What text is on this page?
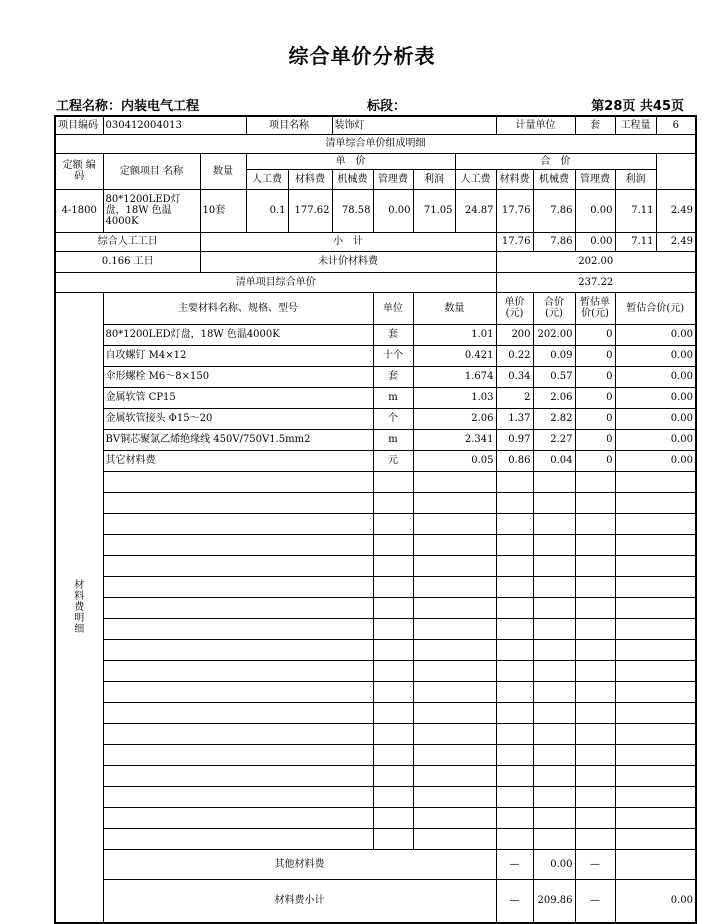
综合单价分析表
工程名称：内装电气工程	标段：	第28页 共45页
项目编码	030412004013		项目名称		装饰灯				计量单位		套	工程量	6
清单综合单价组成明细													
定额 编码	定额项目 名称	数量	单　价					合　价					
			人工费	材料费	机械费	管理费	利润	人工费	材料费	机械费	管理费	利润	
4-1800	80*1200LED灯盘，18W 色温4000K	10套	0.1	177.62	78.58	0.00	71.05	24.87	17.76	7.86	0.00	7.11	2.49
综合人工工日		小　计							17.76	7.86	0.00	7.11	2.49
0.166 工日		未计价材料费							202.00				
清单项目综合单价									237.22				

材料费明细	主要材料名称、规格、型号					单位	数量		单价(元)	合价(元)	暂估单价(元)	暂估合价(元)	
	80*1200LED灯盘，18W 色温4000K					套	1.01		200	202.00	0	0.00	
	自攻螺钉 M4×12					十个	0.421		0.22	0.09	0	0.00	
	伞形螺栓 M6～8×150					套	1.674		0.34	0.57	0	0.00	
	金属软管 CP15					m	1.03		2	2.06	0	0.00	
	金属软管接头 Φ15～20					个	2.06		1.37	2.82	0	0.00	
	BV铜芯聚氯乙烯绝缘线 450V/750V1.5mm2					m	2.341		0.97	2.27	0	0.00	
	其它材料费					元	0.05		0.86	0.04	0	0.00	

	其他材料费								—	0.00	—		
	材料费小计								—	209.86	—	0.00	
